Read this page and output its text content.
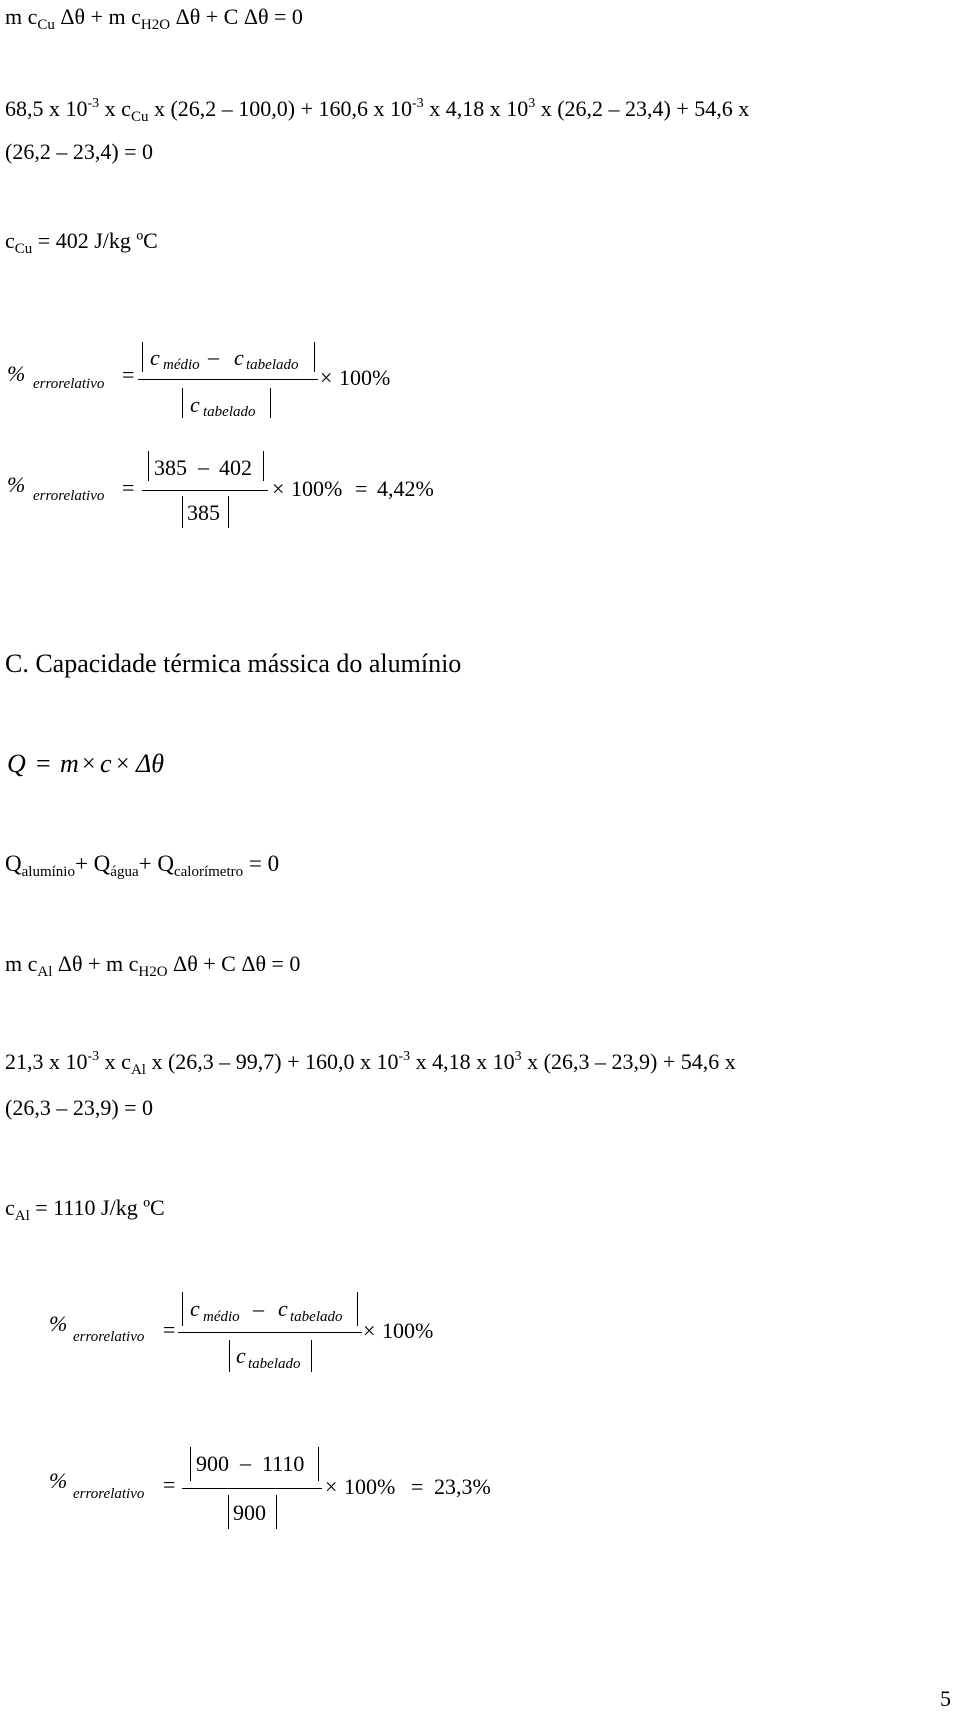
m $c_{Cu}$ Δθ + m $c_{H2O}$ Δθ + C Δθ = 0
68,5 x $10^{-3}$ x $c_{Cu}$ x (26,2 – 100,0) + 160,6 x $10^{-3}$ x 4,18 x $10^3$ x (26,2 – 23,4) + 54,6 x
(26,2 – 23,4) = 0
$c_{Cu} = 402$ J/kg ºC
% errorelativo =
c médio – c tabelado
c tabelado
× 100%
% errorelativo =
385 – 402
385
× 100% = 4,42%
C. Capacidade térmica mássica do alumínio
Q = m × c × Δθ
$Q_{alumínio}+ Q_{água}+ Q_{calorímetro} = 0$
m $c_{Al}$ Δθ + m $c_{H2O}$ Δθ + C Δθ = 0
21,3 x $10^{-3}$ x $c_{Al}$ x (26,3 – 99,7) + 160,0 x $10^{-3}$ x 4,18 x $10^3$ x (26,3 – 23,9) + 54,6 x
(26,3 – 23,9) = 0
$c_{Al} = 1110$ J/kg ºC
%
errorelativo =
c médio – c tabelado
c tabelado
× 100%
%
errorelativo =
900 – 1110
900
× 100% = 23,3%
5
